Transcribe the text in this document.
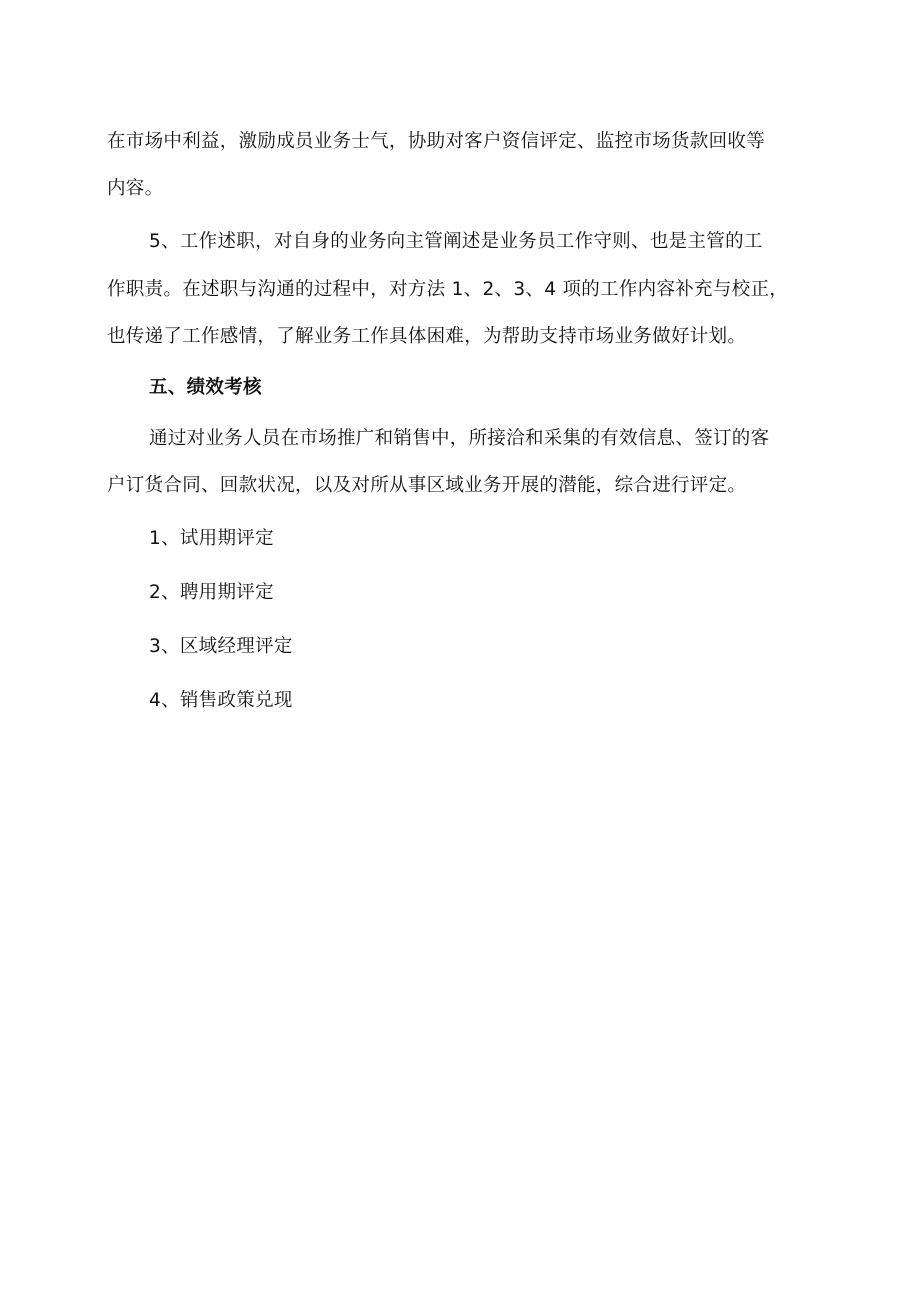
在市场中利益，激励成员业务士气，协助对客户资信评定、监控市场货款回收等

内容。

5、工作述职，对自身的业务向主管阐述是业务员工作守则、也是主管的工

作职责。在述职与沟通的过程中，对方法 1、2、3、4 项的工作内容补充与校正，

也传递了工作感情，了解业务工作具体困难，为帮助支持市场业务做好计划。

五、绩效考核

通过对业务人员在市场推广和销售中，所接洽和采集的有效信息、签订的客

户订货合同、回款状况，以及对所从事区域业务开展的潜能，综合进行评定。

1、试用期评定

2、聘用期评定

3、区域经理评定

4、销售政策兑现
